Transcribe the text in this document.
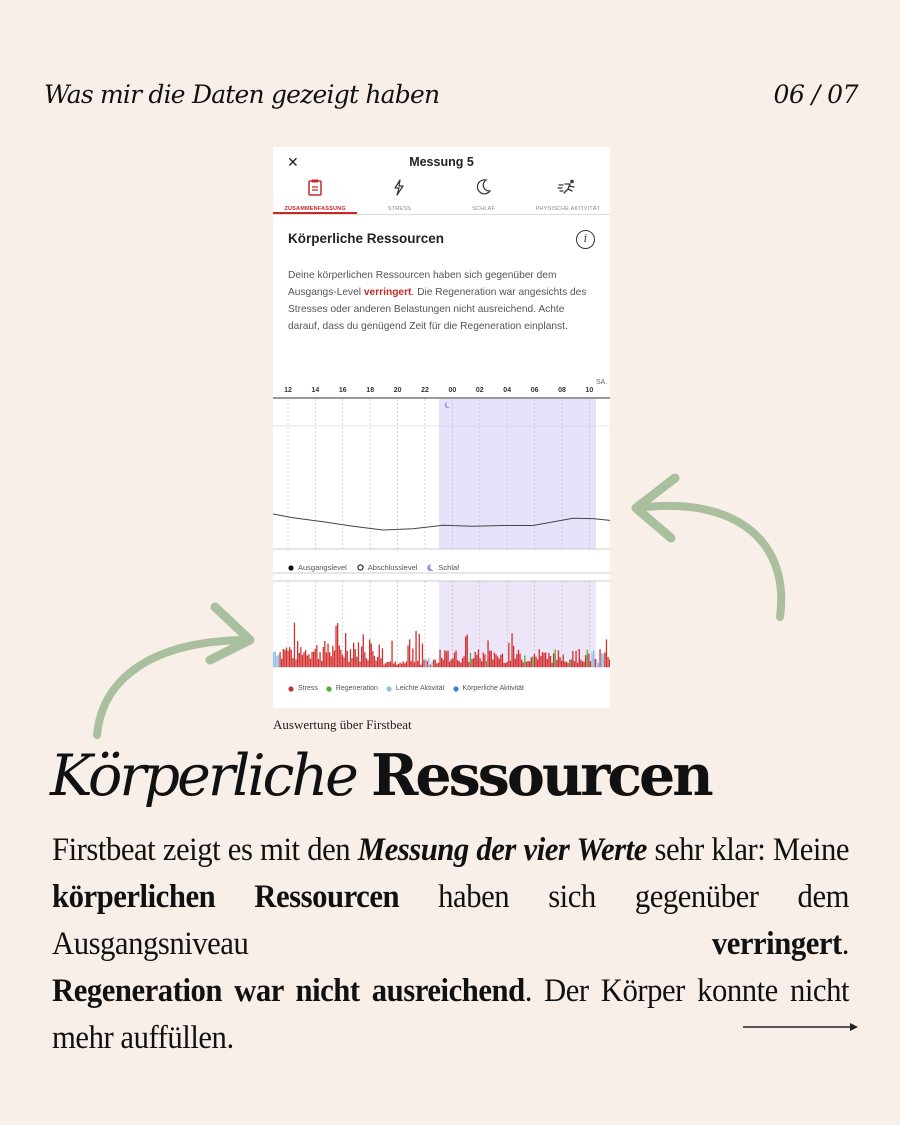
Was mir die Daten gezeigt haben	06 / 07
✕	Messung 5
ZUSAMMENFASSUNG	STRESS	SCHLAF	PHYSISCHE AKTIVITÄT
Körperliche Ressourcen	i
Deine körperlichen Ressourcen haben sich gegenüber dem Ausgangs-Level verringert. Die Regeneration war angesichts des Stresses oder anderen Belastungen nicht ausreichend. Achte darauf, dass du genügend Zeit für die Regeneration einplanst.
12	14	16	18	20	22	00	02	04	06	08	10
SA.
Ausgangslevel	Abschlusslevel	Schlaf
Stress	Regeneration	Leichte Aktivität	Körperliche Aktivität
Auswertung über Firstbeat
Körperliche Ressourcen

Firstbeat zeigt es mit den Messung der vier Werte sehr klar: Meine körperlichen Ressourcen haben sich gegenüber dem Ausgangsniveau verringert.

Regeneration war nicht ausreichend. Der Körper konnte nicht mehr auffüllen.
